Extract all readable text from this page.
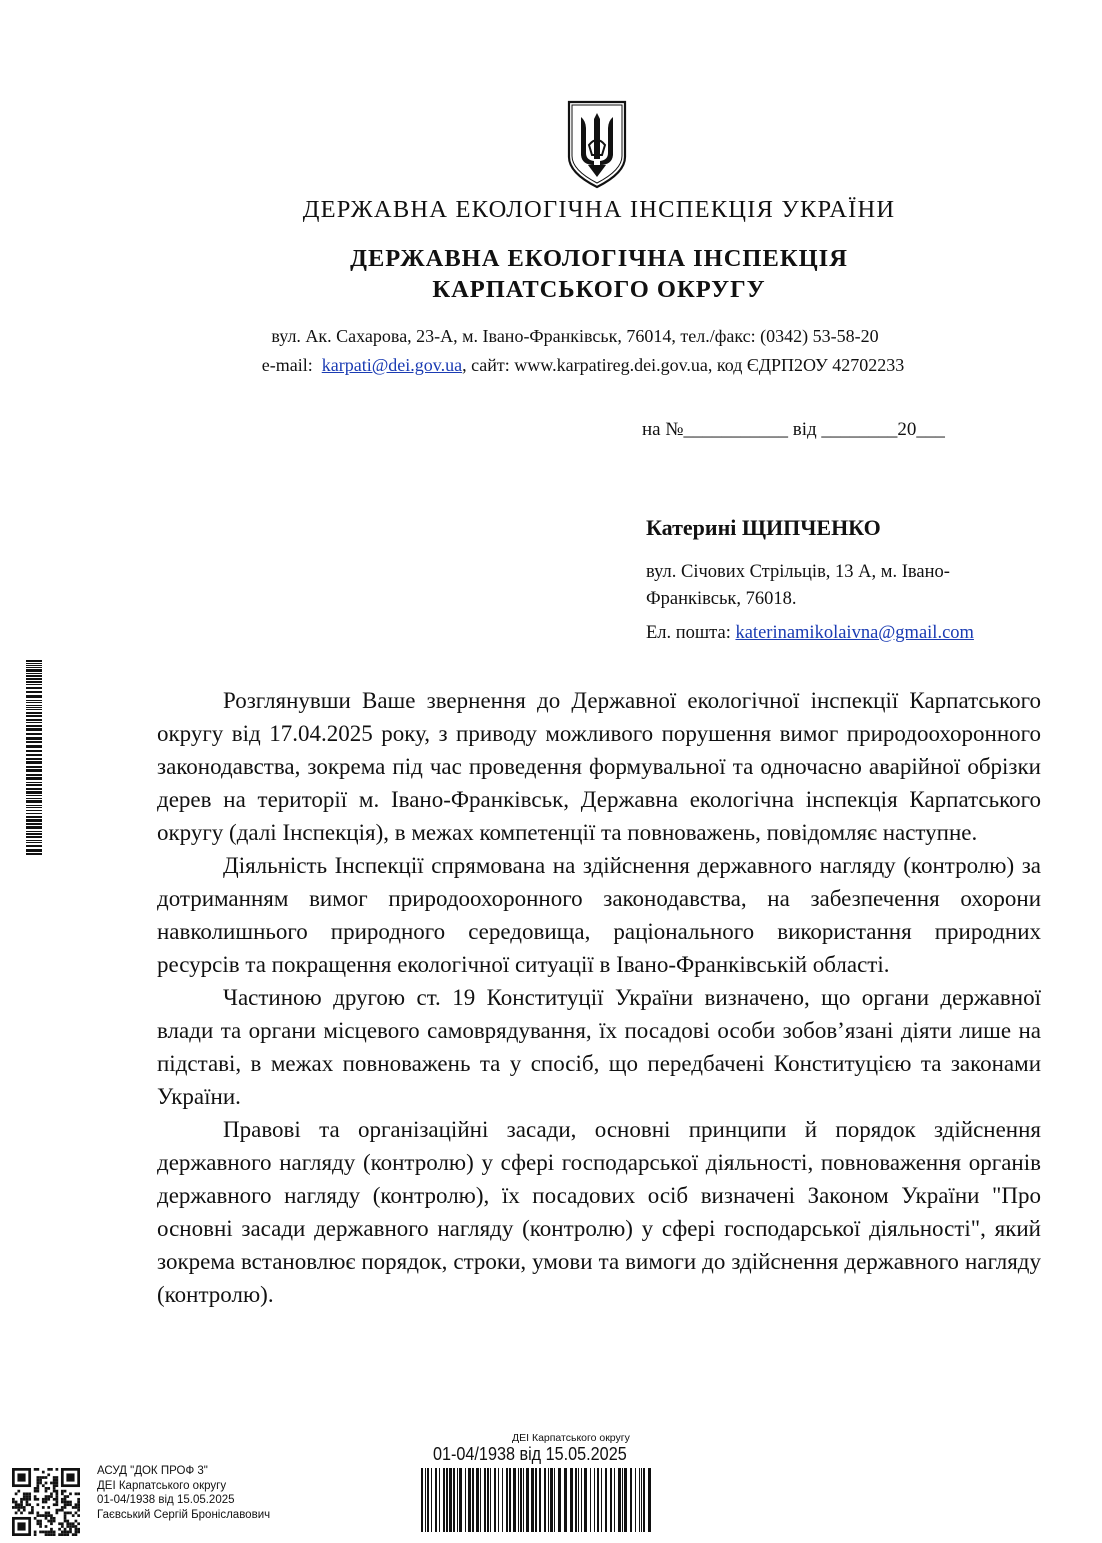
ДЕРЖАВНА ЕКОЛОГІЧНА ІНСПЕКЦІЯ УКРАЇНИ
ДЕРЖАВНА ЕКОЛОГІЧНА ІНСПЕКЦІЯ
КАРПАТСЬКОГО ОКРУГУ
вул. Ак. Сахарова, 23-А, м. Івано-Франківськ, 76014, тел./факс: (0342) 53-58-20
e-mail: karpati@dei.gov.ua, сайт: www.karpatireg.dei.gov.ua, код ЄДРП2ОУ 42702233
на №___________ від ________20___
Катерині ЩИПЧЕНКО
вул. Січових Стрільців, 13 А, м. Івано-Франківськ, 76018.
Ел. пошта: katerinamikolaivna@gmail.com

Розглянувши Ваше звернення до Державної екологічної інспекції Карпатського округу від 17.04.2025 року, з приводу можливого порушення вимог природоохоронного законодавства, зокрема під час проведення формувальної та одночасно аварійної обрізки дерев на території м. Івано-Франківськ, Державна екологічна інспекція Карпатського округу (далі Інспекція), в межах компетенції та повноважень, повідомляє наступне.

Діяльність Інспекції спрямована на здійснення державного нагляду (контролю) за дотриманням вимог природоохоронного законодавства, на забезпечення охорони навколишнього природного середовища, раціонального використання природних ресурсів та покращення екологічної ситуації в Івано-Франківській області.

Частиною другою ст. 19 Конституції України визначено, що органи державної влади та органи місцевого самоврядування, їх посадові особи зобов’язані діяти лише на підставі, в межах повноважень та у спосіб, що передбачені Конституцією та законами України.

Правові та організаційні засади, основні принципи й порядок здійснення державного нагляду (контролю) у сфері господарської діяльності, повноваження органів державного нагляду (контролю), їх посадових осіб визначені Законом України "Про основні засади державного нагляду (контролю) у сфері господарської діяльності", який зокрема встановлює порядок, строки, умови та вимоги до здійснення державного нагляду (контролю).

АСУД "ДОК ПРОФ 3"
ДЕІ Карпатського округу
01-04/1938 від 15.05.2025
Гаєвський Сергій Броніславович
ДЕІ Карпатського округу
01-04/1938 від 15.05.2025
